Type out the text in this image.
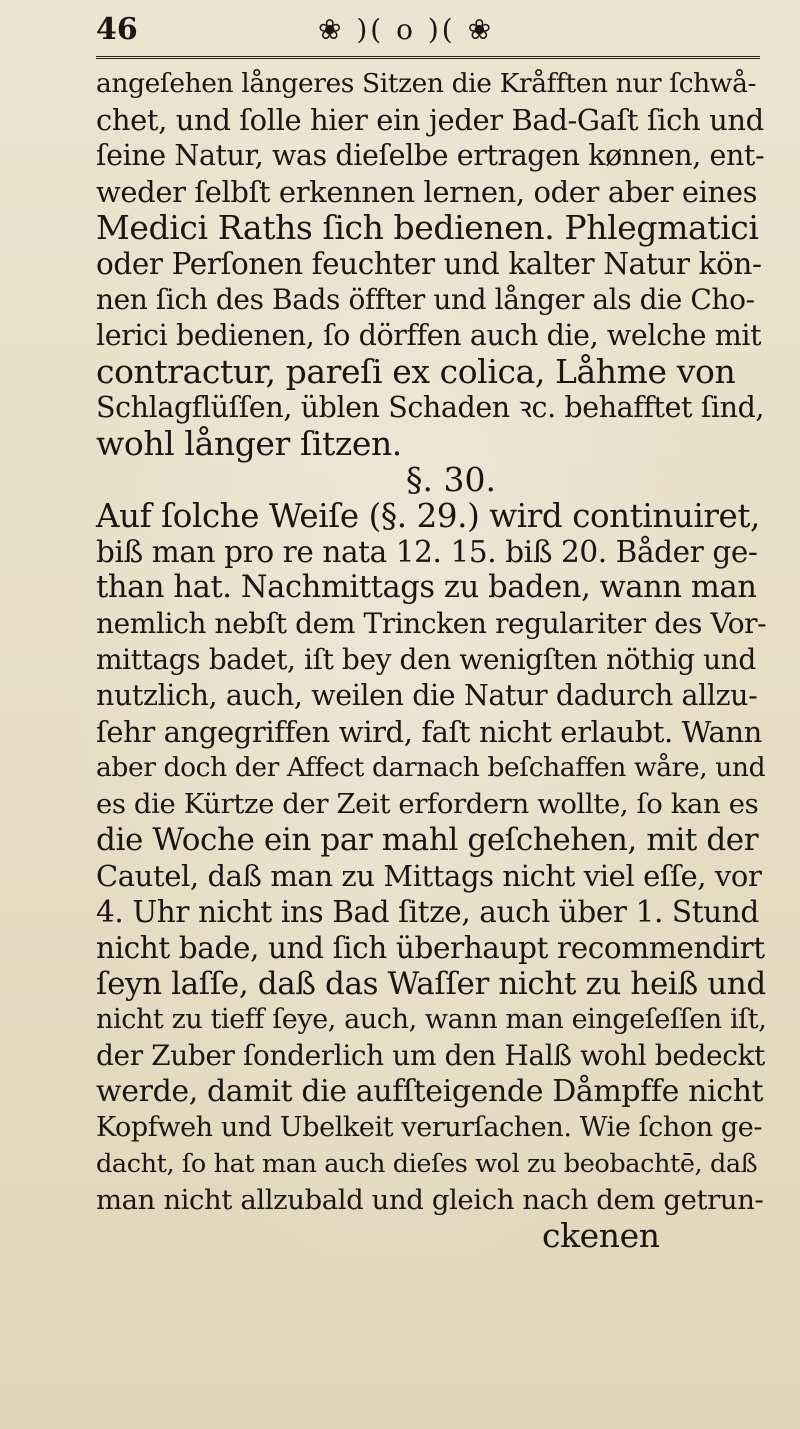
46	❀ )( o )( ❀
angeſehen långeres Sitzen die Kråfften nur ſchwå-
chet, und ſolle hier ein jeder Bad-Gaſt ſich und
ſeine Natur, was dieſelbe ertragen kønnen, ent-
weder ſelbſt erkennen lernen, oder aber eines
Medici Raths ſich bedienen. Phlegmatici
oder Perſonen feuchter und kalter Natur kön-
nen ſich des Bads öffter und långer als die Cho-
lerici bedienen, ſo dörffen auch die, welche mit
contractur, pareſi ex colica, Låhme von
Schlagflüſſen, üblen Schaden ꝛc. behafftet ſind,
wohl långer ſitzen.
§. 30.
Auf ſolche Weiſe (§. 29.) wird continuiret,
biß man pro re nata 12. 15. biß 20. Båder ge-
than hat. Nachmittags zu baden, wann man
nemlich nebſt dem Trincken regulariter des Vor-
mittags badet, iſt bey den wenigſten nöthig und
nutzlich, auch, weilen die Natur dadurch allzu-
ſehr angegriffen wird, faſt nicht erlaubt. Wann
aber doch der Affect darnach beſchaffen wåre, und
es die Kürtze der Zeit erfordern wollte, ſo kan es
die Woche ein par mahl geſchehen, mit der
Cautel, daß man zu Mittags nicht viel eſſe, vor
4. Uhr nicht ins Bad ſitze, auch über 1. Stund
nicht bade, und ſich überhaupt recommendirt
ſeyn laſſe, daß das Waſſer nicht zu heiß und
nicht zu tieff ſeye, auch, wann man eingeſeſſen iſt,
der Zuber ſonderlich um den Halß wohl bedeckt
werde, damit die aufſteigende Dåmpffe nicht
Kopfweh und Ubelkeit verurſachen. Wie ſchon ge-
dacht, ſo hat man auch dieſes wol zu beobachtē, daß
man nicht allzubald und gleich nach dem getrun-
ckenen
